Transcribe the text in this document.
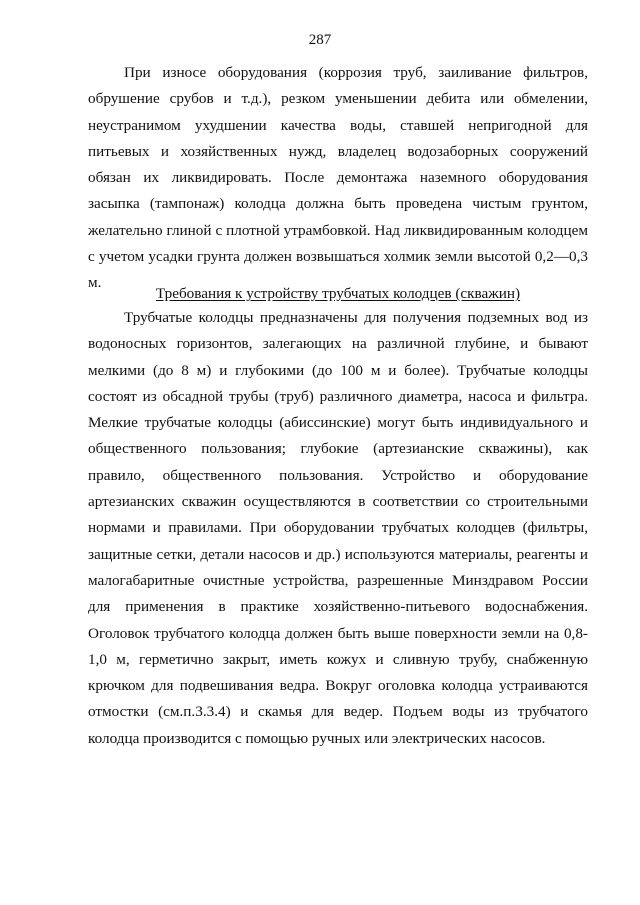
287

При износе оборудования (коррозия труб, заиливание фильтров, обрушение срубов и т.д.), резком уменьшении дебита или обмелении, неустранимом ухудшении качества воды, ставшей непригодной для питьевых и хозяйственных нужд, владелец водозаборных сооружений обязан их ликвидировать. После демонтажа наземного оборудования засыпка (тампонаж) колодца должна быть проведена чистым грунтом, желательно глиной с плотной утрамбовкой. Над ликвидированным колодцем с учетом усадки грунта должен возвышаться холмик земли высотой 0,2—0,3 м.

Требования к устройству трубчатых колодцев (скважин)

Трубчатые колодцы предназначены для получения подземных вод из водоносных горизонтов, залегающих на различной глубине, и бывают мелкими (до 8 м) и глубокими (до 100 м и более). Трубчатые колодцы состоят из обсадной трубы (труб) различного диаметра, насоса и фильтра. Мелкие трубчатые колодцы (абиссинские) могут быть индивидуального и общественного пользования; глубокие (артезианские скважины), как правило, общественного пользования. Устройство и оборудование артезианских скважин осуществляются в соответствии со строительными нормами и правилами. При оборудовании трубчатых колодцев (фильтры, защитные сетки, детали насосов и др.) используются материалы, реагенты и малогабаритные очистные устройства, разрешенные Минздравом России для применения в практике хозяйственно-питьевого водоснабжения. Оголовок трубчатого колодца должен быть выше поверхности земли на 0,8-1,0 м, герметично закрыт, иметь кожух и сливную трубу, снабженную крючком для подвешивания ведра. Вокруг оголовка колодца устраиваются отмостки (см.п.3.3.4) и скамья для ведер. Подъем воды из трубчатого колодца производится с помощью ручных или электрических насосов.
